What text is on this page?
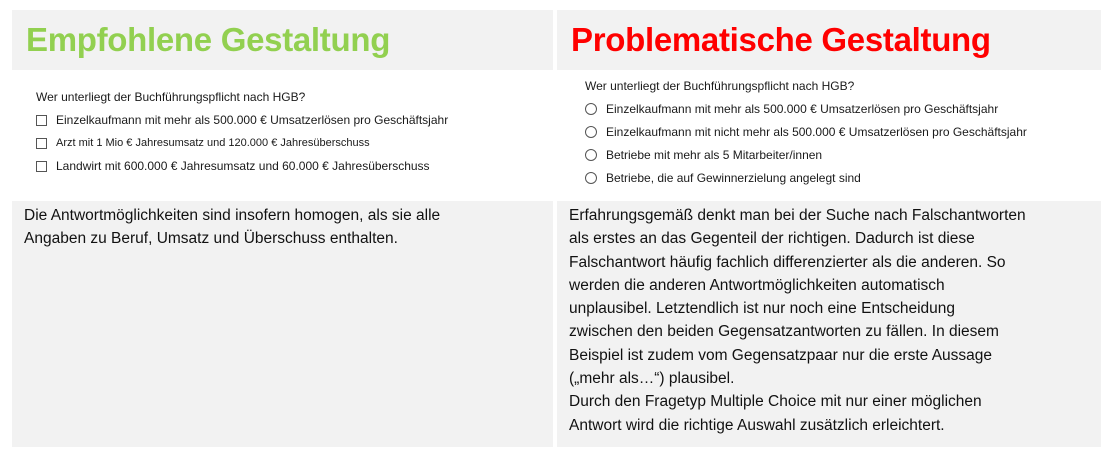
Empfohlene Gestaltung
Wer unterliegt der Buchführungspflicht nach HGB?
Einzelkaufmann mit mehr als 500.000 € Umsatzerlösen pro Geschäftsjahr
Arzt mit 1 Mio € Jahresumsatz und 120.000 € Jahresüberschuss
Landwirt mit 600.000 € Jahresumsatz und 60.000 € Jahresüberschuss

Die Antwortmöglichkeiten sind insofern homogen, als sie alle
Angaben zu Beruf, Umsatz und Überschuss enthalten.

Problematische Gestaltung
Wer unterliegt der Buchführungspflicht nach HGB?
Einzelkaufmann mit mehr als 500.000 € Umsatzerlösen pro Geschäftsjahr
Einzelkaufmann mit nicht mehr als 500.000 € Umsatzerlösen pro Geschäftsjahr
Betriebe mit mehr als 5 Mitarbeiter/innen
Betriebe, die auf Gewinnerzielung angelegt sind

Erfahrungsgemäß denkt man bei der Suche nach Falschantworten
als erstes an das Gegenteil der richtigen. Dadurch ist diese
Falschantwort häufig fachlich differenzierter als die anderen. So
werden die anderen Antwortmöglichkeiten automatisch
unplausibel. Letztendlich ist nur noch eine Entscheidung
zwischen den beiden Gegensatzantworten zu fällen. In diesem
Beispiel ist zudem vom Gegensatzpaar nur die erste Aussage
(„mehr als…“) plausibel.
Durch den Fragetyp Multiple Choice mit nur einer möglichen
Antwort wird die richtige Auswahl zusätzlich erleichtert.
